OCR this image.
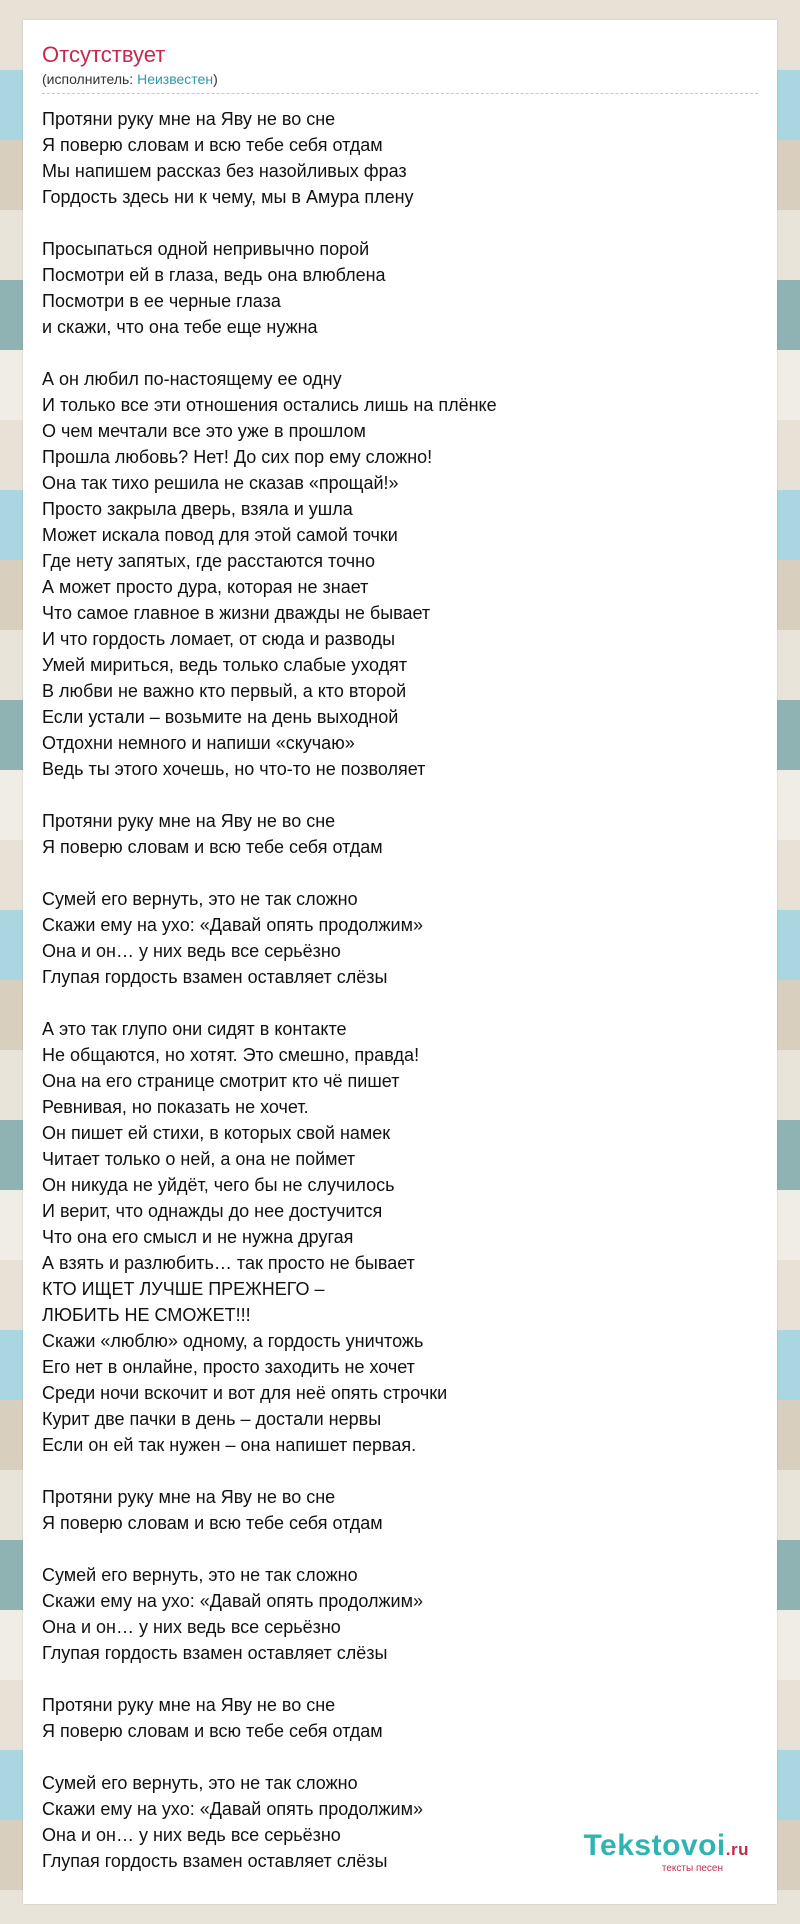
Отсутствует
(исполнитель: Неизвестен)
Протяни руку мне на Яву не во сне
Я поверю словам и всю тебе себя отдам
Мы напишем рассказ без назойливых фраз
Гордость здесь ни к чему, мы в Амура плену
Просыпаться одной непривычно порой
Посмотри ей в глаза, ведь она влюблена
Посмотри в ее черные глаза
и скажи, что она тебе еще нужна
А он любил по-настоящему ее одну
И только все эти отношения остались лишь на плёнке
О чем мечтали все это уже в прошлом
Прошла любовь? Нет! До сих пор ему сложно!
Она так тихо решила не сказав «прощай!»
Просто закрыла дверь, взяла и ушла
Может искала повод для этой самой точки
Где нету запятых, где расстаются точно
А может просто дура, которая не знает
Что самое главное в жизни дважды не бывает
И что гордость ломает, от сюда и разводы
Умей мириться, ведь только слабые уходят
В любви не важно кто первый, а кто второй
Если устали – возьмите на день выходной
Отдохни немного и напиши «скучаю»
Ведь ты этого хочешь, но что-то не позволяет
Протяни руку мне на Яву не во сне
Я поверю словам и всю тебе себя отдам
Сумей его вернуть, это не так сложно
Скажи ему на ухо: «Давай опять продолжим»
Она и он… у них ведь все серьёзно
Глупая гордость взамен оставляет слёзы
А это так глупо они сидят в контакте
Не общаются, но хотят. Это смешно, правда!
Она на его странице смотрит кто чё пишет
Ревнивая, но показать не хочет.
Он пишет ей стихи, в которых свой намек
Читает только о ней, а она не поймет
Он никуда не уйдёт, чего бы не случилось
И верит, что однажды до нее достучится
Что она его смысл и не нужна другая
А взять и разлюбить… так просто не бывает
КТО ИЩЕТ ЛУЧШЕ ПРЕЖНЕГО –
ЛЮБИТЬ НЕ СМОЖЕТ!!!
Скажи «люблю» одному, а гордость уничтожь
Его нет в онлайне, просто заходить не хочет
Среди ночи вскочит и вот для неё опять строчки
Курит две пачки в день – достали нервы
Если он ей так нужен – она напишет первая.
Протяни руку мне на Яву не во сне
Я поверю словам и всю тебе себя отдам
Сумей его вернуть, это не так сложно
Скажи ему на ухо: «Давай опять продолжим»
Она и он… у них ведь все серьёзно
Глупая гордость взамен оставляет слёзы
Протяни руку мне на Яву не во сне
Я поверю словам и всю тебе себя отдам
Сумей его вернуть, это не так сложно
Скажи ему на ухо: «Давай опять продолжим»
Она и он… у них ведь все серьёзно
Глупая гордость взамен оставляет слёзы	Tekstovoi.ru
тексты песен
